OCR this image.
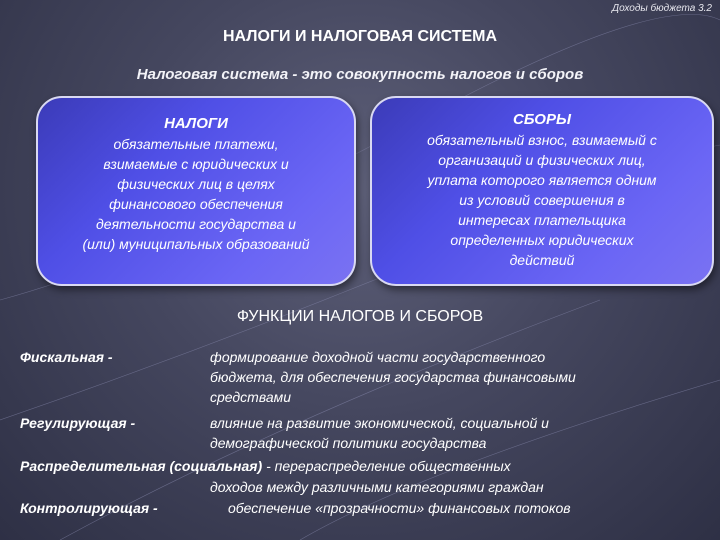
Доходы бюджета 3.2
НАЛОГИ И НАЛОГОВАЯ СИСТЕМА
Налоговая система - это совокупность налогов и сборов
НАЛОГИ
обязательные платежи,
взимаемые с юридических и
физических лиц в целях
финансового обеспечения
деятельности государства и
(или) муниципальных образований
СБОРЫ
обязательный взнос, взимаемый с
организаций и физических лиц,
уплата которого является одним
из условий совершения в
интересах плательщика
определенных юридических
действий
ФУНКЦИИ НАЛОГОВ И СБОРОВ
Фискальная -	формирование доходной части государственного
бюджета, для обеспечения государства финансовыми
средствами
Регулирующая -	влияние на развитие экономической, социальной и
демографической политики государства
Распределительная (социальная) - перераспределение общественных
доходов между различными категориями граждан
Контролирующая -	обеспечение «прозрачности» финансовых потоков
